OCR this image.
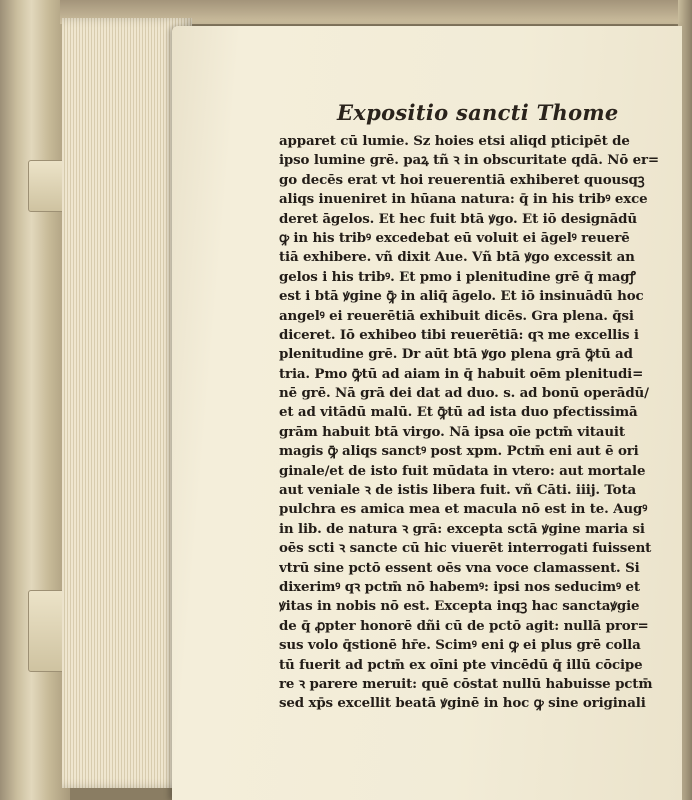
Expositio sancti Thome
apparet cū lumie. Sz hoies etsi aliqd pticipēt de
ipso lumine grē. paꝝ tñ ꝛ in obscuritate qdā. Nō er=
go decēs erat vt hoi reuerentiā exhiberet quousqꝫ
aliqs inueniret in hūana natura: q̄ in his tribꝰ exce
deret āgelos. Et hec fuit btā ꝟgo. Et iō designādū
ꝙ in his tribꝰ excedebat eū voluit ei āgelꝰ reuerē
tiā exhibere. vñ dixit Aue. Vñ btā ꝟgo excessit an
gelos i his tribꝰ. Et pmo i plenitudine grē q̄ magꝭ
est i btā ꝟgine ꝙ̄ in aliq̄ āgelo. Et iō insinuādū hoc
angelꝰ ei reuerētiā exhibuit dicēs. Gra plena. q̄si
diceret. Iō exhibeo tibi reuerētiā: qꝛ me excellis i
plenitudine grē. Dr aūt btā ꝟgo plena grā ꝙ̄tū ad
tria. Pmo ꝙ̄tū ad aiam in q̄ habuit oēm plenitudi=
nē grē. Nā grā dei dat ad duo. s. ad bonū operādū/
et ad vitādū malū. Et ꝙ̄tū ad ista duo pfectissimā
grām habuit btā virgo. Nā ipsa oīe pctm̄ vitauit
magis ꝙ̄ aliqs sanctꝰ post xpm. Pctm̄ eni aut ē ori
ginale/et de isto fuit mūdata in vtero: aut mortale
aut veniale ꝛ de istis libera fuit. vñ Cāti. iiij. Tota
pulchra es amica mea et macula nō est in te. Augꝰ
in lib. de natura ꝛ grā: excepta sctā ꝟgine maria si
oēs scti ꝛ sancte cū hic viuerēt interrogati fuissent
vtrū sine pctō essent oēs vna voce clamassent. Si
dixerimꝰ qꝛ pctm̄ nō habemꝰ: ipsi nos seducimꝰ et
ꝟitas in nobis nō est. Excepta inqꝫ hac sanctaꝟgie
de q̄ ꝓpter honorē dñi cū de pctō agit: nullā pror=
sus volo q̄stionē hr̄e. Scimꝰ eni ꝙ ei plus grē colla
tū fuerit ad pctm̄ ex oīni pte vincēdū q̄ illū cōcipe
re ꝛ parere meruit: quē cōstat nullū habuisse pctm̄
sed xp̄s excellit beatā ꝟginē in hoc ꝙ sine originali
